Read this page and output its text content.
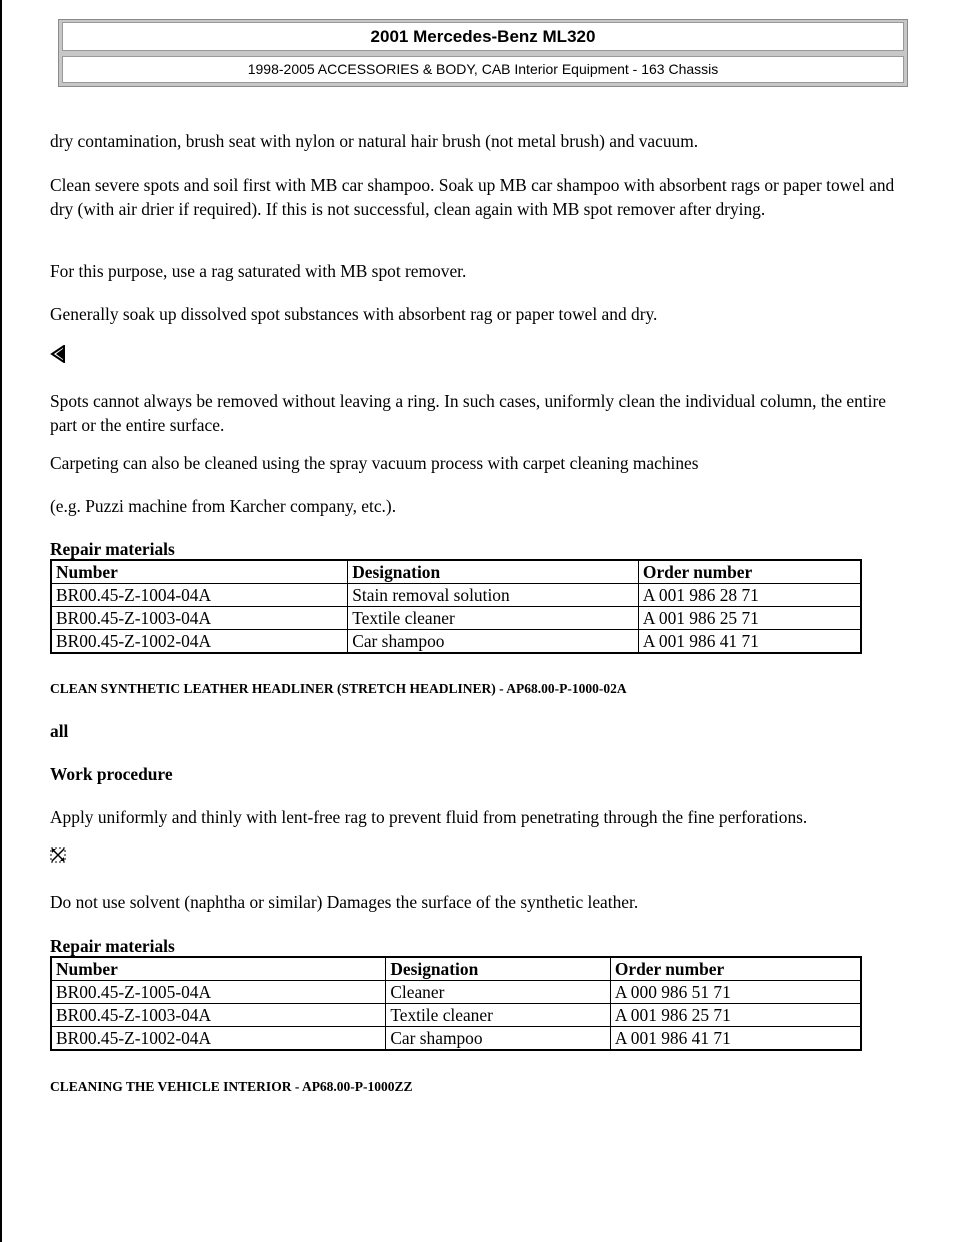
2001 Mercedes-Benz ML320
1998-2005 ACCESSORIES & BODY, CAB Interior Equipment - 163 Chassis

dry contamination, brush seat with nylon or natural hair brush (not metal brush) and vacuum.

Clean severe spots and soil first with MB car shampoo. Soak up MB car shampoo with absorbent rags or paper towel and dry (with air drier if required). If this is not successful, clean again with MB spot remover after drying.

For this purpose, use a rag saturated with MB spot remover.

Generally soak up dissolved spot substances with absorbent rag or paper towel and dry.

Spots cannot always be removed without leaving a ring. In such cases, uniformly clean the individual column, the entire part or the entire surface.

Carpeting can also be cleaned using the spray vacuum process with carpet cleaning machines

(e.g. Puzzi machine from Karcher company, etc.).

Repair materials

Number	Designation	Order number
BR00.45-Z-1004-04A	Stain removal solution	A 001 986 28 71
BR00.45-Z-1003-04A	Textile cleaner	A 001 986 25 71
BR00.45-Z-1002-04A	Car shampoo	A 001 986 41 71

CLEAN SYNTHETIC LEATHER HEADLINER (STRETCH HEADLINER) - AP68.00-P-1000-02A

all

Work procedure

Apply uniformly and thinly with lent-free rag to prevent fluid from penetrating through the fine perforations.

Do not use solvent (naphtha or similar) Damages the surface of the synthetic leather.

Repair materials

Number	Designation	Order number
BR00.45-Z-1005-04A	Cleaner	A 000 986 51 71
BR00.45-Z-1003-04A	Textile cleaner	A 001 986 25 71
BR00.45-Z-1002-04A	Car shampoo	A 001 986 41 71

CLEANING THE VEHICLE INTERIOR - AP68.00-P-1000ZZ
